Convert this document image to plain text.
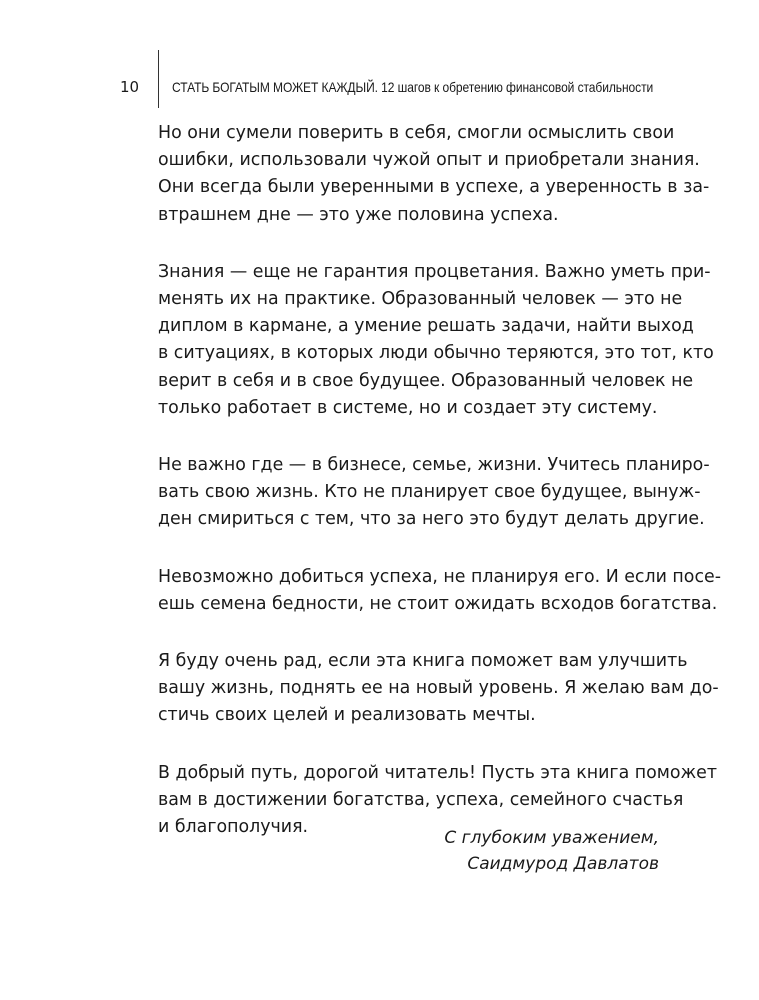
10	СТАТЬ БОГАТЫМ МОЖЕТ КАЖДЫЙ. 12 шагов к обретению финансовой стабильности

Но они сумели поверить в себя, смогли осмыслить свои
ошибки, использовали чужой опыт и приобретали знания.
Они всегда были уверенными в успехе, а уверенность в за-
втрашнем дне — это уже половина успеха.

Знания — еще не гарантия процветания. Важно уметь при-
менять их на практике. Образованный человек — это не
диплом в кармане, а умение решать задачи, найти выход
в ситуациях, в которых люди обычно теряются, это тот, кто
верит в себя и в свое будущее. Образованный человек не
только работает в системе, но и создает эту систему.

Не важно где — в бизнесе, семье, жизни. Учитесь планиро-
вать свою жизнь. Кто не планирует свое будущее, вынуж-
ден смириться с тем, что за него это будут делать другие.

Невозможно добиться успеха, не планируя его. И если посе-
ешь семена бедности, не стоит ожидать всходов богатства.

Я буду очень рад, если эта книга поможет вам улучшить
вашу жизнь, поднять ее на новый уровень. Я желаю вам до-
стичь своих целей и реализовать мечты.

В добрый путь, дорогой читатель! Пусть эта книга поможет
вам в достижении богатства, успеха, семейного счастья
и благополучия.

С глубоким уважением,
Саидмурод Давлатов
